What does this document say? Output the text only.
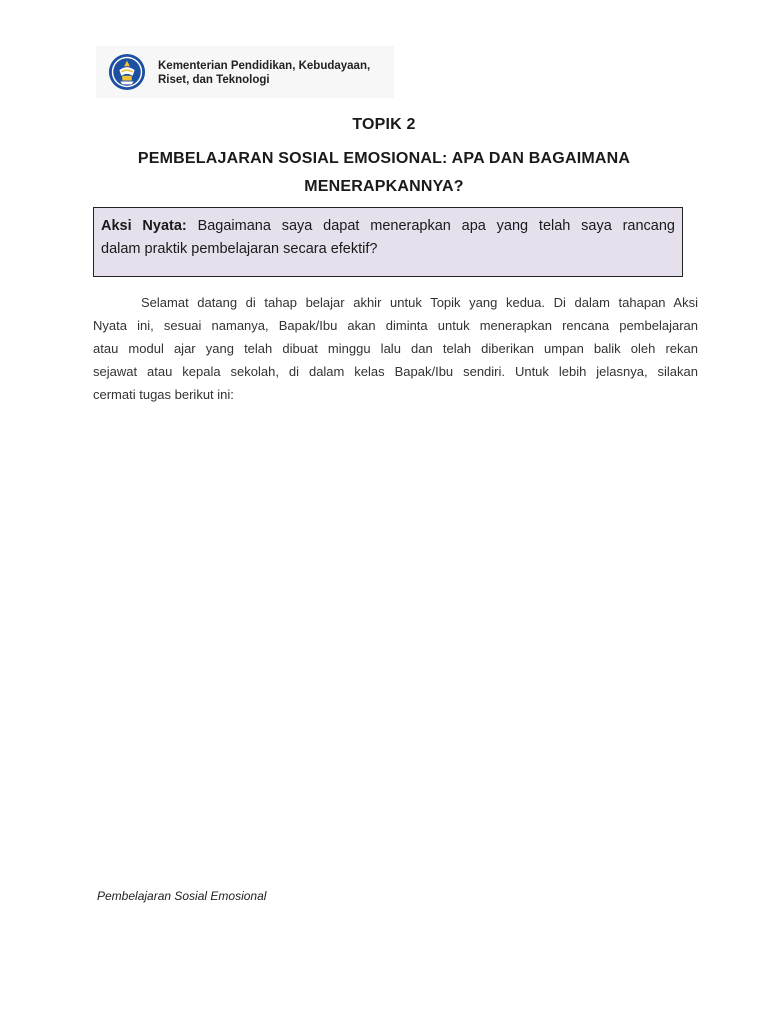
Kementerian Pendidikan, Kebudayaan,
Riset, dan Teknologi
TOPIK 2
PEMBELAJARAN SOSIAL EMOSIONAL: APA DAN BAGAIMANA
MENERAPKANNYA?
Aksi Nyata: Bagaimana saya dapat menerapkan apa yang telah saya rancang
dalam praktik pembelajaran secara efektif?
Selamat datang di tahap belajar akhir untuk Topik yang kedua. Di dalam tahapan Aksi
Nyata ini, sesuai namanya, Bapak/Ibu akan diminta untuk menerapkan rencana pembelajaran
atau modul ajar yang telah dibuat minggu lalu dan telah diberikan umpan balik oleh rekan
sejawat atau kepala sekolah, di dalam kelas Bapak/Ibu sendiri. Untuk lebih jelasnya, silakan
cermati tugas berikut ini:
Pembelajaran Sosial Emosional
